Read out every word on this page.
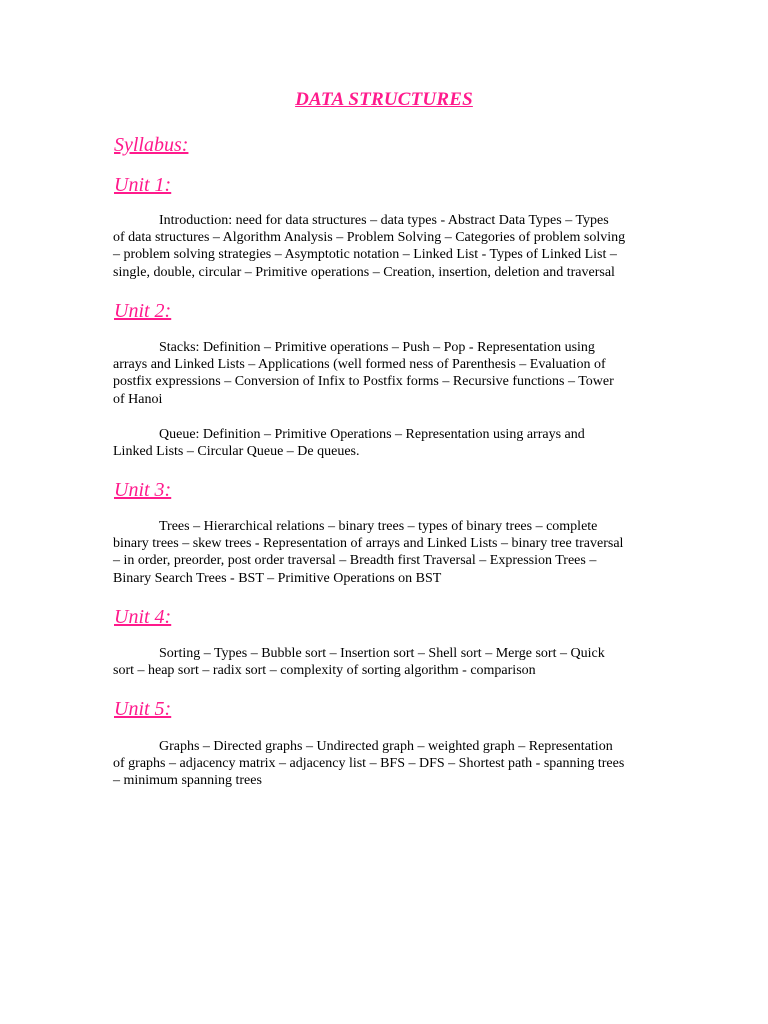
DATA STRUCTURES
Syllabus:
Unit 1:
Introduction: need for data structures – data types - Abstract Data Types – Types
of data structures – Algorithm Analysis – Problem Solving – Categories of problem solving
– problem solving strategies – Asymptotic notation – Linked List - Types of Linked List –
single, double, circular – Primitive operations – Creation, insertion, deletion and traversal
Unit 2:
Stacks: Definition – Primitive operations – Push – Pop - Representation using
arrays and Linked Lists – Applications (well formed ness of Parenthesis – Evaluation of
postfix expressions – Conversion of Infix to Postfix forms – Recursive functions – Tower
of Hanoi
Queue: Definition – Primitive Operations – Representation using arrays and
Linked Lists – Circular Queue – De queues.
Unit 3:
Trees – Hierarchical relations – binary trees – types of binary trees – complete
binary trees – skew trees - Representation of arrays and Linked Lists – binary tree traversal
– in order, preorder, post order traversal – Breadth first Traversal – Expression Trees –
Binary Search Trees - BST – Primitive Operations on BST
Unit 4:
Sorting – Types – Bubble sort – Insertion sort – Shell sort – Merge sort – Quick
sort – heap sort – radix sort – complexity of sorting algorithm - comparison
Unit 5:
Graphs – Directed graphs – Undirected graph – weighted graph – Representation
of graphs – adjacency matrix – adjacency list – BFS – DFS – Shortest path - spanning trees
– minimum spanning trees
